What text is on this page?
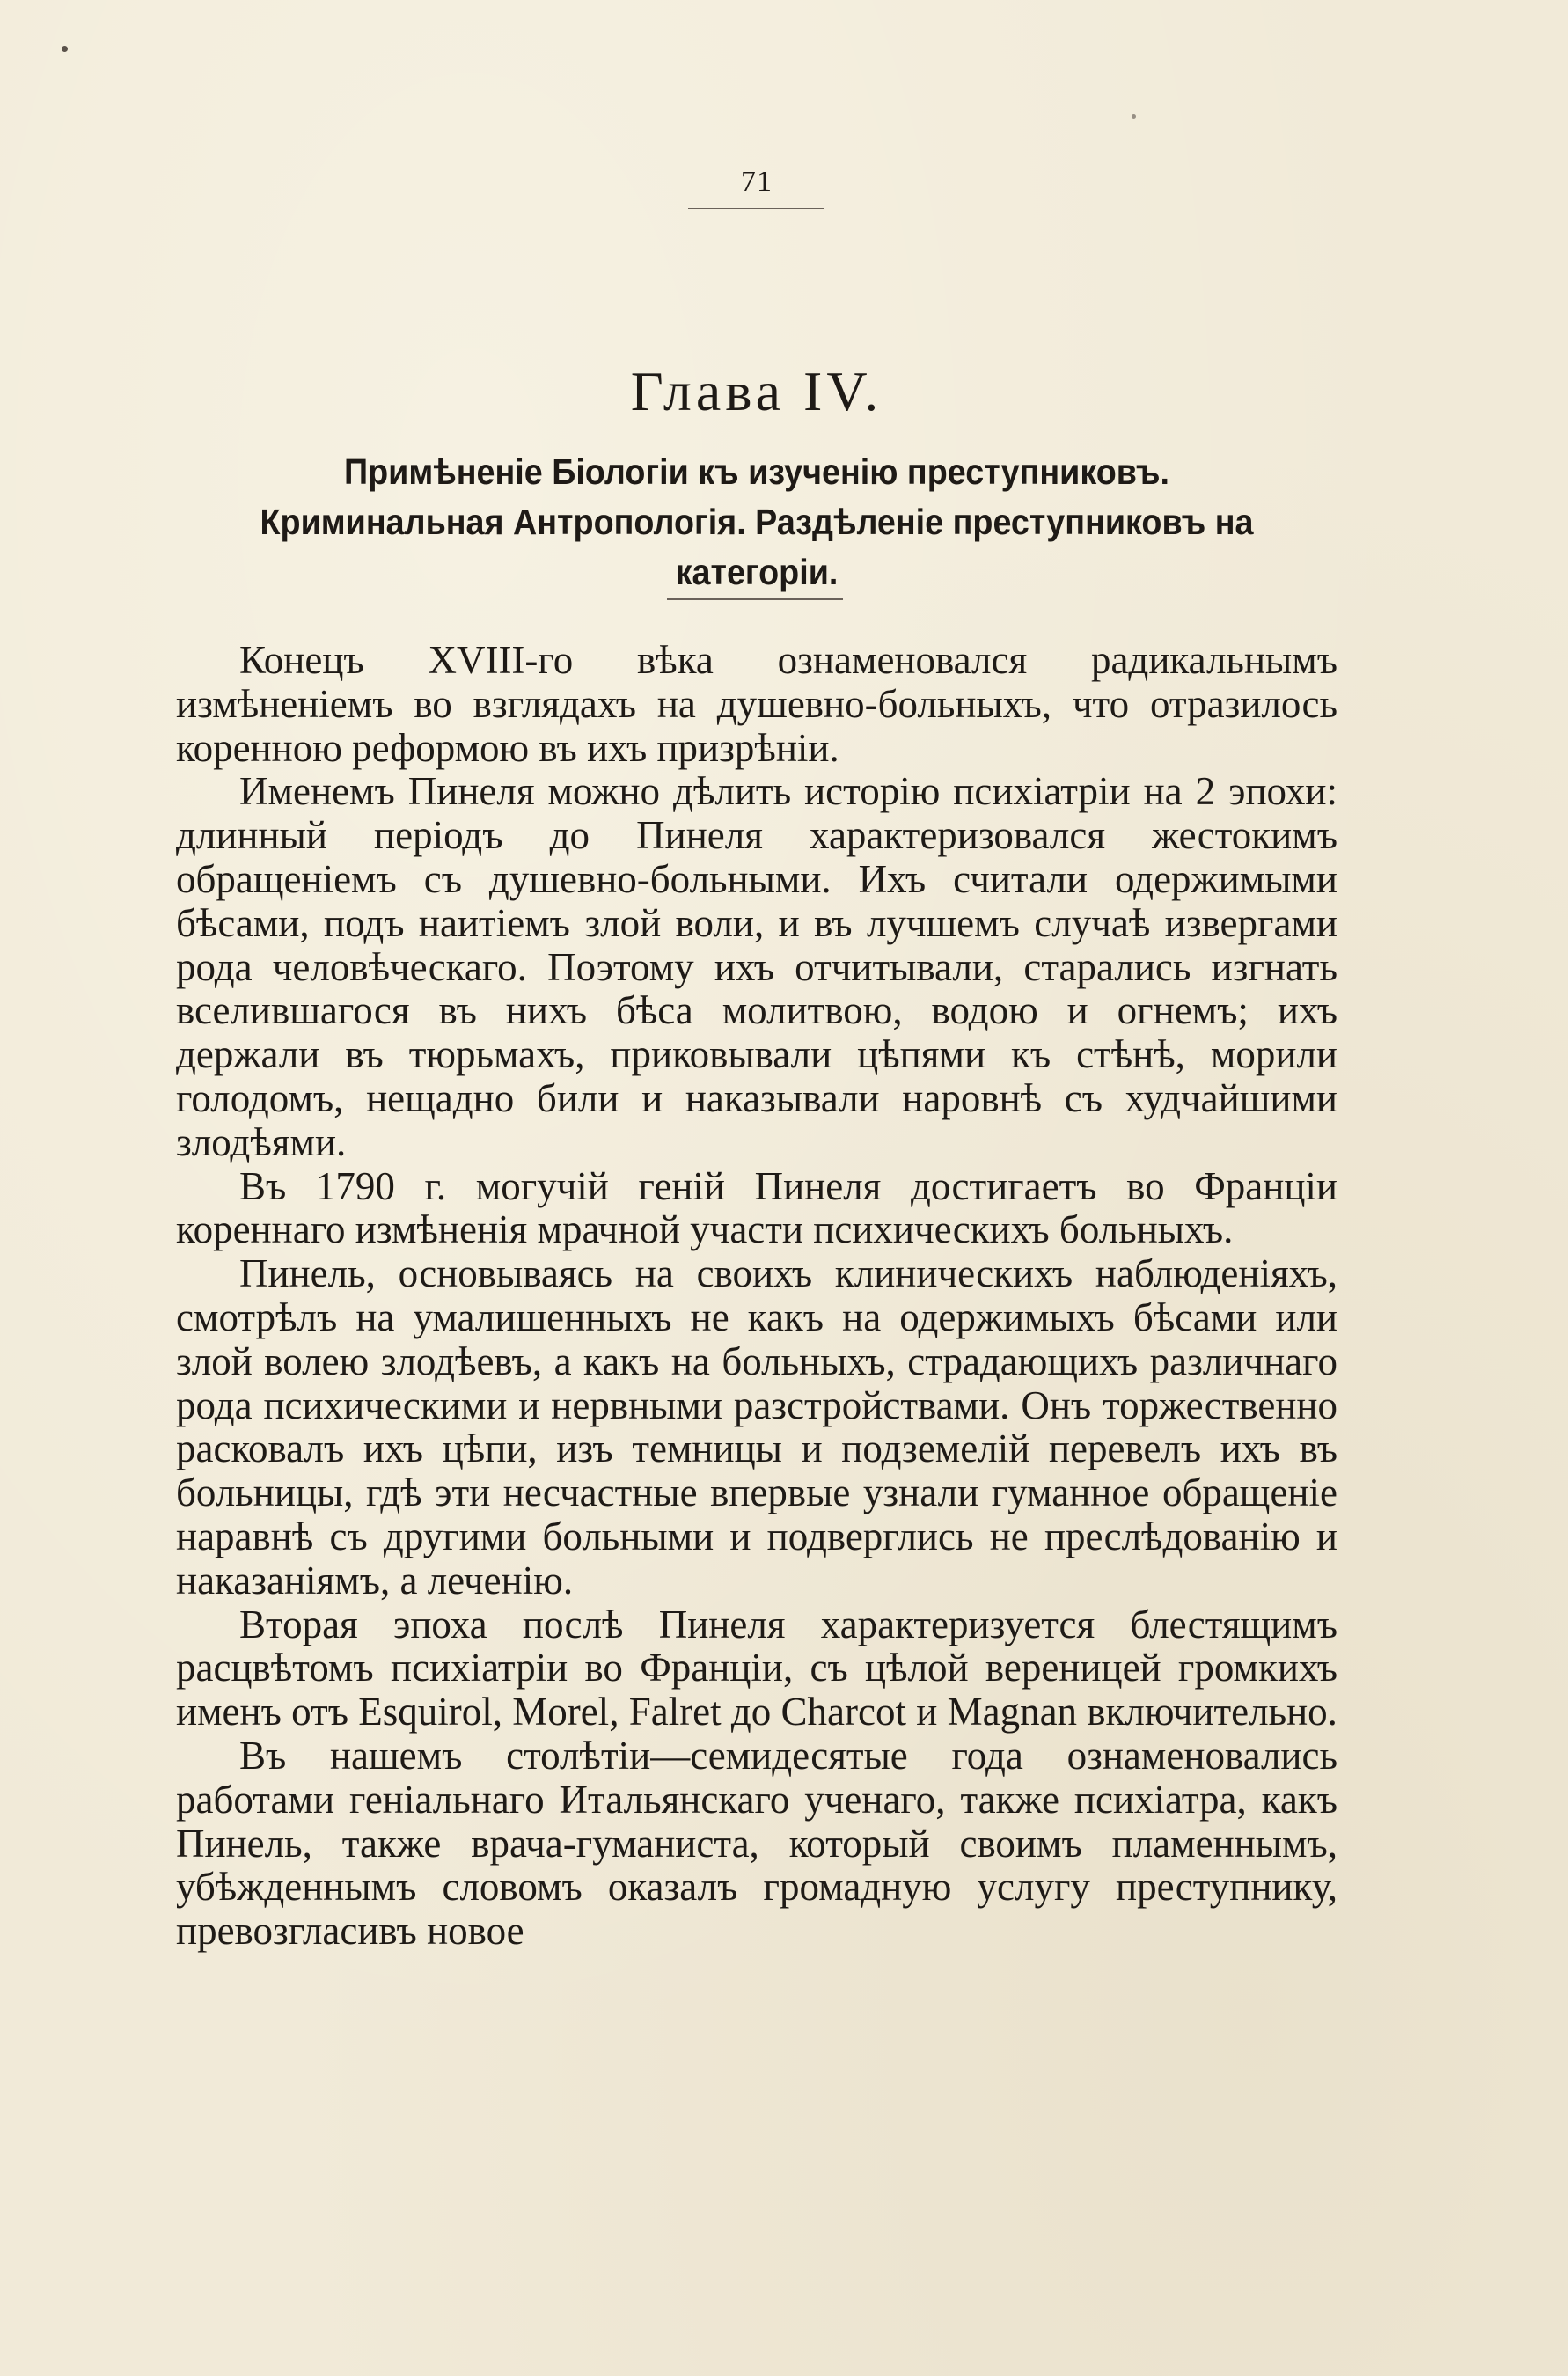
71
Глава IV.
Примѣненіе Біологіи къ изученію преступниковъ. Криминальная Антропологія. Раздѣленіе преступниковъ на категоріи.

Конецъ XVIII-го вѣка ознаменовался радикальнымъ измѣненіемъ во взглядахъ на душевно-больныхъ, что отразилось коренною реформою въ ихъ призрѣніи.

Именемъ Пинеля можно дѣлить исторію психіатріи на 2 эпохи: длинный періодъ до Пинеля характеризовался жестокимъ обращеніемъ съ душевно-больными. Ихъ считали одержимыми бѣсами, подъ наитіемъ злой воли, и въ лучшемъ случаѣ извергами рода человѣческаго. Поэтому ихъ отчитывали, старались изгнать вселившагося въ нихъ бѣса молитвою, водою и огнемъ; ихъ держали въ тюрьмахъ, приковывали цѣпями къ стѣнѣ, морили голодомъ, нещадно били и наказывали наровнѣ съ худчайшими злодѣями.

Въ 1790 г. могучій геній Пинеля достигаетъ во Франціи кореннаго измѣненія мрачной участи психическихъ больныхъ.

Пинель, основываясь на своихъ клиническихъ наблюденіяхъ, смотрѣлъ на умалишенныхъ не какъ на одержимыхъ бѣсами или злой волею злодѣевъ, а какъ на больныхъ, страдающихъ различнаго рода психическими и нервными разстройствами. Онъ торжественно расковалъ ихъ цѣпи, изъ темницы и подземелій перевелъ ихъ въ больницы, гдѣ эти несчастные впервые узнали гуманное обращеніе наравнѣ съ другими больными и подверглись не преслѣдованію и наказаніямъ, а леченію.

Вторая эпоха послѣ Пинеля характеризуется блестящимъ расцвѣтомъ психіатріи во Франціи, съ цѣлой вереницей громкихъ именъ отъ Esquirol, Morel, Falret до Charcot и Magnan включительно.

Въ нашемъ столѣтіи—семидесятые года ознаменовались работами геніальнаго Итальянскаго ученаго, также психіатра, какъ Пинель, также врача-гуманиста, который своимъ пламеннымъ, убѣжденнымъ словомъ оказалъ громадную услугу преступнику, превозгласивъ новое
